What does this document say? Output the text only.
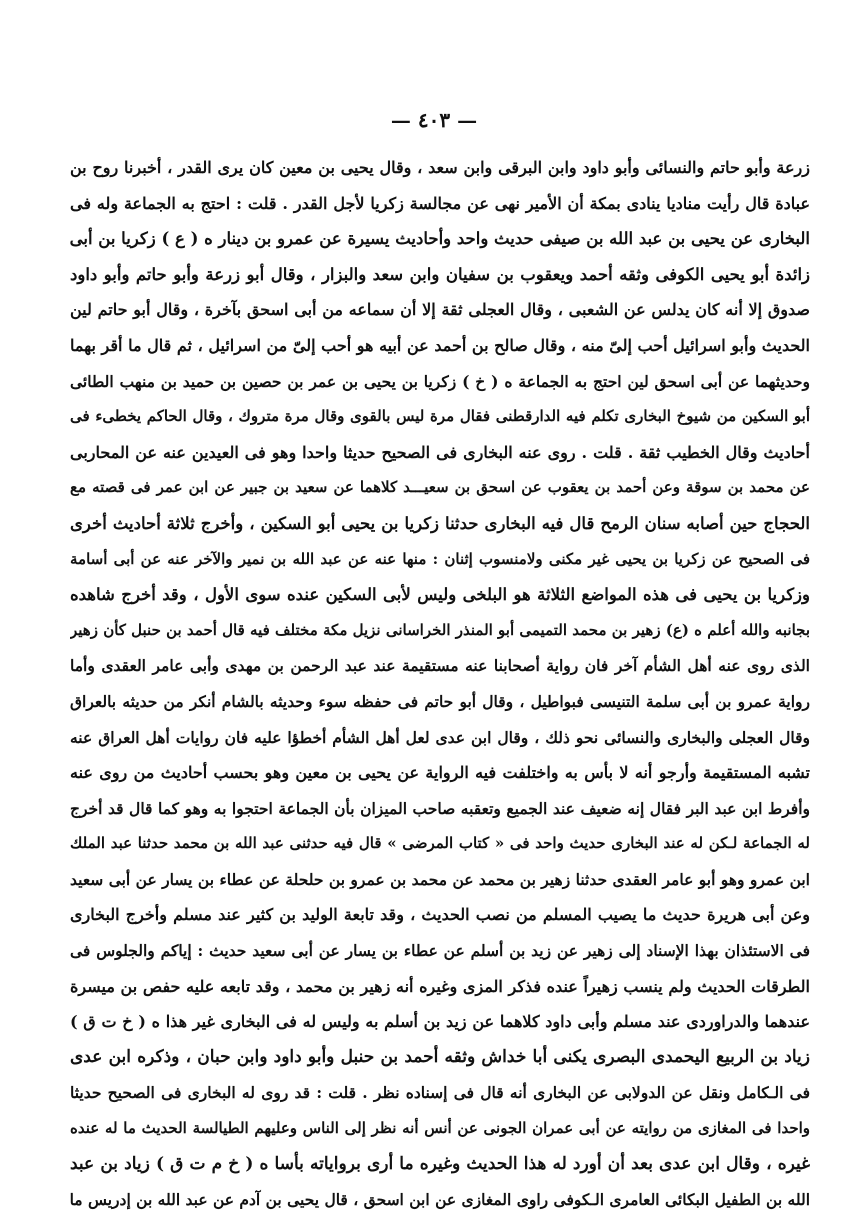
— ٤٠٣ —
زرعة وأبو حاتم والنسائى وأبو داود وابن البرقى وابن سعد ، وقال يحيى بن معين كان يرى القدر ، أخبرنا روح بن
عبادة قال رأيت مناديا ينادى بمكة أن الأمير نهى عن مجالسة زكريا لأجل القدر . قلت : احتج به الجماعة وله فى
البخارى عن يحيى بن عبد الله بن صيفى حديث واحد وأحاديث يسيرة عن عمرو بن دينار ه ( ع ) زكريا بن أبى
زائدة أبو يحيى الكوفى وثقه أحمد ويعقوب بن سفيان وابن سعد والبزار ، وقال أبو زرعة وأبو حاتم وأبو داود
صدوق إلا أنه كان يدلس عن الشعبى ، وقال العجلى ثقة إلا أن سماعه من أبى اسحق بآخرة ، وقال أبو حاتم لين
الحديث وأبو اسرائيل أحب إلىّ منه ، وقال صالح بن أحمد عن أبيه هو أحب إلىّ من اسرائيل ، ثم قال ما أقر بهما
وحديثهما عن أبى اسحق لين احتج به الجماعة ه ( خ ) زكريا بن يحيى بن عمر بن حصين بن حميد بن منهب الطائى
أبو السكين من شيوخ البخارى تكلم فيه الدارقطنى فقال مرة ليس بالقوى وقال مرة متروك ، وقال الحاكم يخطىء فى
أحاديث وقال الخطيب ثقة . قلت . روى عنه البخارى فى الصحيح حديثا واحدا وهو فى العيدين عنه عن المحاربى
عن محمد بن سوقة وعن أحمد بن يعقوب عن اسحق بن سعيـــد كلاهما عن سعيد بن جبير عن ابن عمر فى قصته مع
الحجاج حين أصابه سنان الرمح قال فيه البخارى حدثنا زكريا بن يحيى أبو السكين ، وأخرج ثلاثة أحاديث أخرى
فى الصحيح عن زكريا بن يحيى غير مكنى ولامنسوب إثنان : منها عنه عن عبد الله بن نمير والآخر عنه عن أبى أسامة
وزكريا بن يحيى فى هذه المواضع الثلاثة هو البلخى وليس لأبى السكين عنده سوى الأول ، وقد أخرج شاهده
بجانبه والله أعلم ه (ع) زهير بن محمد التميمى أبو المنذر الخراسانى نزيل مكة مختلف فيه قال أحمد بن حنبل كأن زهير
الذى روى عنه أهل الشأم آخر فان رواية أصحابنا عنه مستقيمة عند عبد الرحمن بن مهدى وأبى عامر العقدى وأما
رواية عمرو بن أبى سلمة التنيسى فبواطيل ، وقال أبو حاتم فى حفظه سوء وحديثه بالشام أنكر من حديثه بالعراق
وقال العجلى والبخارى والنسائى نحو ذلك ، وقال ابن عدى لعل أهل الشأم أخطؤا عليه فان روايات أهل العراق عنه
تشبه المستقيمة وأرجو أنه لا بأس به واختلفت فيه الرواية عن يحيى بن معين وهو بحسب أحاديث من روى عنه
وأفرط ابن عبد البر فقال إنه ضعيف عند الجميع وتعقبه صاحب الميزان بأن الجماعة احتجوا به وهو كما قال قد أخرج
له الجماعة لـكن له عند البخارى حديث واحد فى « كتاب المرضى » قال فيه حدثنى عبد الله بن محمد حدثنا عبد الملك
ابن عمرو وهو أبو عامر العقدى حدثنا زهير بن محمد عن محمد بن عمرو بن حلحلة عن عطاء بن يسار عن أبى سعيد
وعن أبى هريرة حديث ما يصيب المسلم من نصب الحديث ، وقد تابعة الوليد بن كثير عند مسلم وأخرج البخارى
فى الاستئذان بهذا الإسناد إلى زهير عن زيد بن أسلم عن عطاء بن يسار عن أبى سعيد حديث : إياكم والجلوس فى
الطرقات الحديث ولم ينسب زهيراً عنده فذكر المزى وغيره أنه زهير بن محمد ، وقد تابعه عليه حفص بن ميسرة
عندهما والدراوردى عند مسلم وأبى داود كلاهما عن زيد بن أسلم به وليس له فى البخارى غير هذا ه ( خ ت ق )
زياد بن الربيع اليحمدى البصرى يكنى أبا خداش وثقه أحمد بن حنبل وأبو داود وابن حبان ، وذكره ابن عدى
فى الـكامل ونقل عن الدولابى عن البخارى أنه قال فى إسناده نظر . قلت : قد روى له البخارى فى الصحيح حديثا
واحدا فى المغازى من روايته عن أبى عمران الجونى عن أنس أنه نظر إلى الناس وعليهم الطيالسة الحديث ما له عنده
غيره ، وقال ابن عدى بعد أن أورد له هذا الحديث وغيره ما أرى برواياته بأسا ه ( خ م ت ق ) زياد بن عبد
الله بن الطفيل البكائى العامرى الـكوفى راوى المغازى عن ابن اسحق ، قال يحيى بن آدم عن عبد الله بن إدريس ما
